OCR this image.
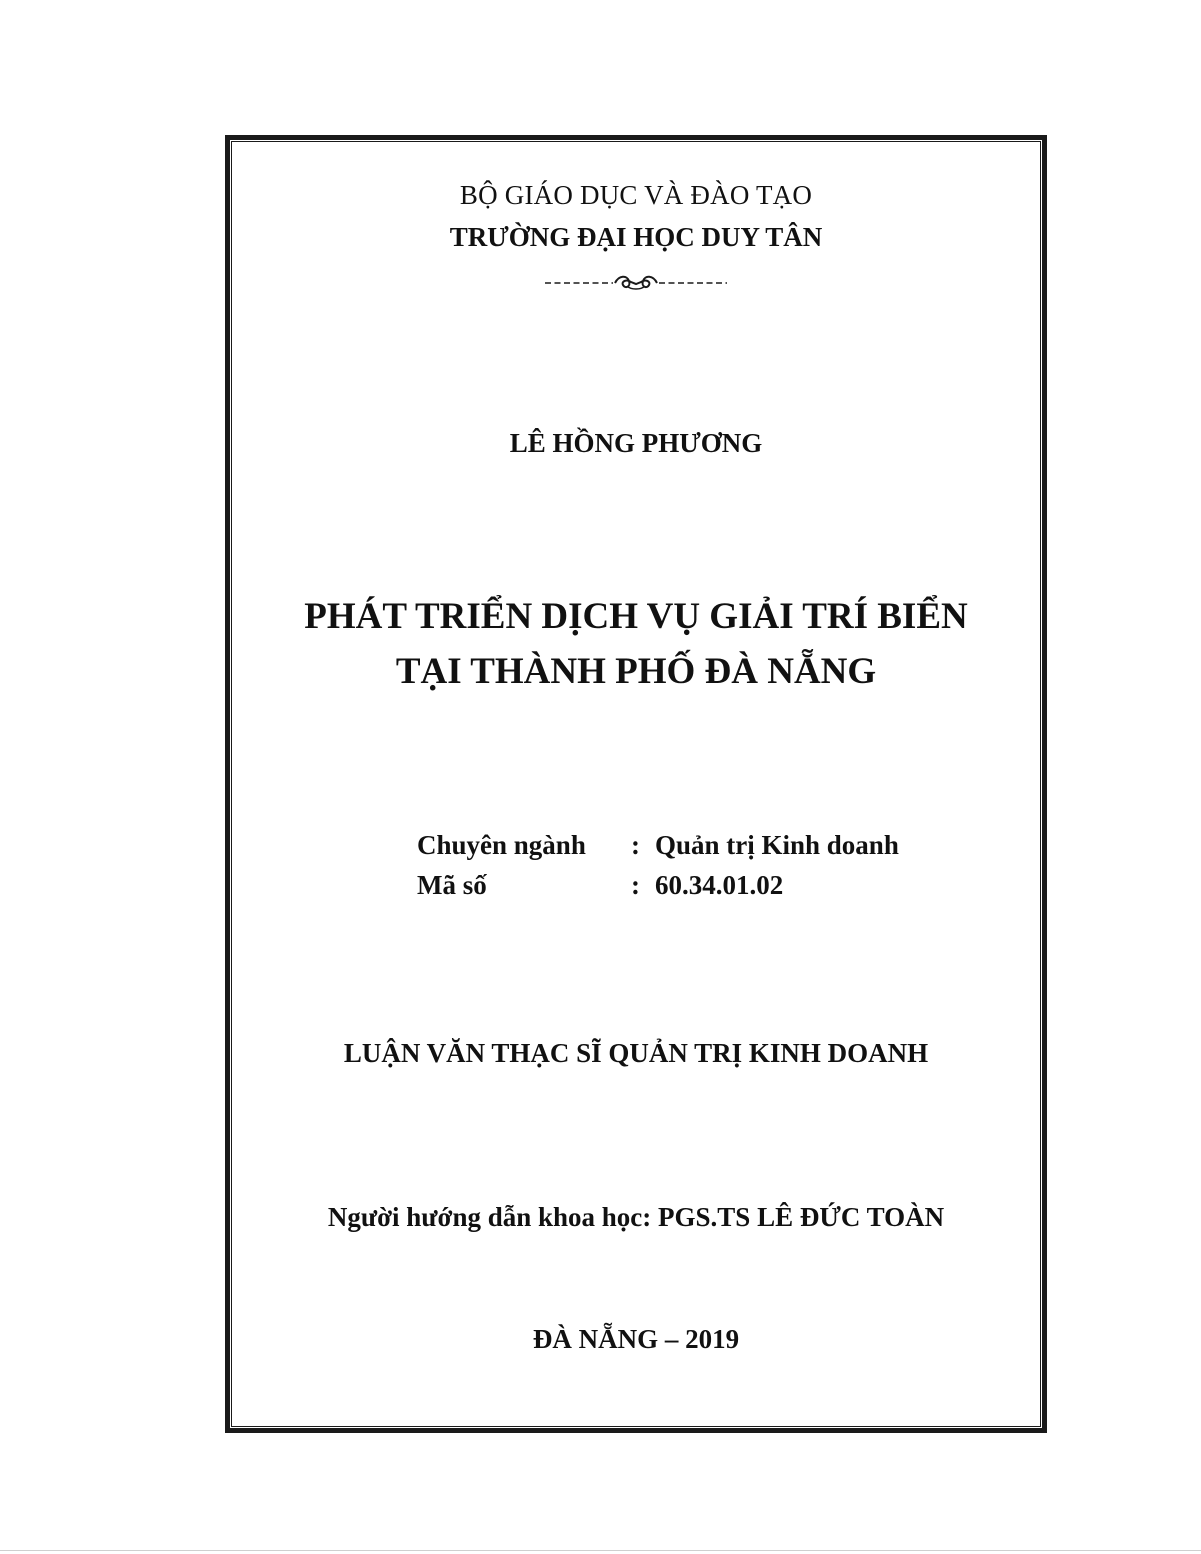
BỘ GIÁO DỤC VÀ ĐÀO TẠO
TRƯỜNG ĐẠI HỌC DUY TÂN
LÊ HỒNG PHƯƠNG
PHÁT TRIỂN DỊCH VỤ GIẢI TRÍ BIỂN
TẠI THÀNH PHỐ ĐÀ NẴNG
Chuyên ngành : Quản trị Kinh doanh
Mã số	: 60.34.01.02
LUẬN VĂN THẠC SĨ QUẢN TRỊ KINH DOANH
Người hướng dẫn khoa học: PGS.TS LÊ ĐỨC TOÀN
ĐÀ NẴNG – 2019
